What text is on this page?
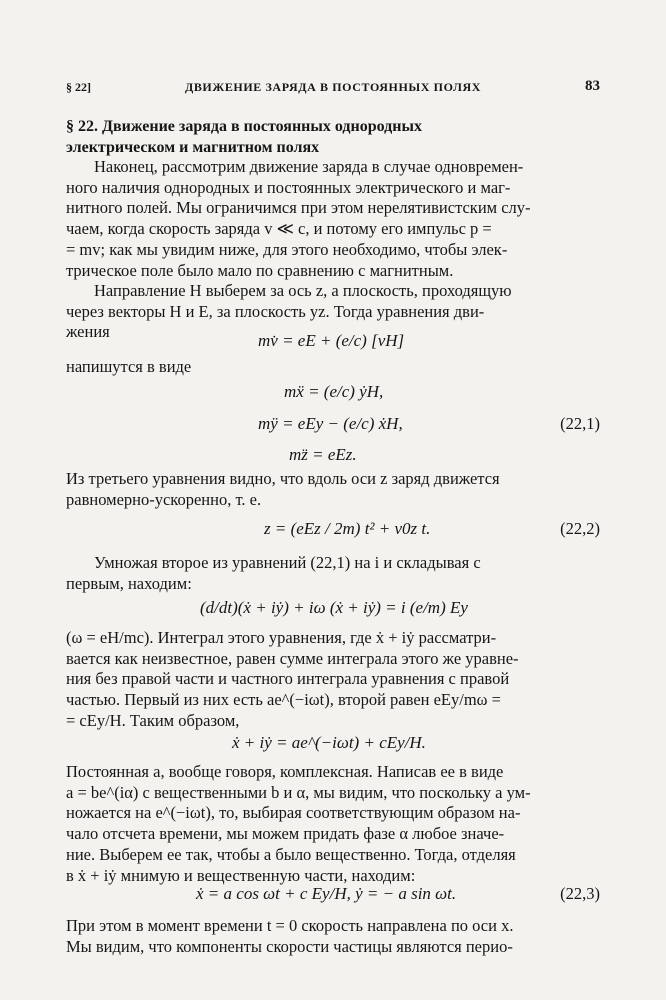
§ 22]	ДВИЖЕНИЕ ЗАРЯДА В ПОСТОЯННЫХ ПОЛЯХ	83
§ 22. Движение заряда в постоянных однородных
электрическом и магнитном полях
Наконец, рассмотрим движение заряда в случае одновремен-
ного наличия однородных и постоянных электрического и маг-
нитного полей. Мы ограничимся при этом нерелятивистским слу-
чаем, когда скорость заряда v ≪ c, и потому его импульс p =
= mv; как мы увидим ниже, для этого необходимо, чтобы элек-
трическое поле было мало по сравнению с магнитным.
Направление H выберем за ось z, а плоскость, проходящую
через векторы H и E, за плоскость yz. Тогда уравнения дви-
жения	mv̇ = eE + (e/c) [vH]
напишутся в виде
mẍ = (e/c) ẏH,
mÿ = eEy − (e/c) ẋH,
mz̈ = eEz.
(22,1)
Из третьего уравнения видно, что вдоль оси z заряд движется
равномерно-ускоренно, т. е.
z = (eEz / 2m) t² + v0z t.	(22,2)
Умножая второе из уравнений (22,1) на i и складывая с
первым, находим:
(d/dt)(ẋ + iẏ) + iω (ẋ + iẏ) = i (e/m) Ey
(ω = eH/mc). Интеграл этого уравнения, где ẋ + iẏ рассматри-
вается как неизвестное, равен сумме интеграла этого же уравне-
ния без правой части и частного интеграла уравнения с правой
частью. Первый из них есть ae^(−iωt), второй равен eEy/mω =
= cEy/H. Таким образом,
ẋ + iẏ = ae^(−iωt) + cEy/H.
Постоянная a, вообще говоря, комплексная. Написав ее в виде
a = be^(iα) с вещественными b и α, мы видим, что поскольку a ум-
ножается на e^(−iωt), то, выбирая соответствующим образом на-
чало отсчета времени, мы можем придать фазе α любое значе-
ние. Выберем ее так, чтобы a было вещественно. Тогда, отделяя
в ẋ + iẏ мнимую и вещественную части, находим:
ẋ = a cos ωt + c Ey/H, ẏ = − a sin ωt.	(22,3)
При этом в момент времени t = 0 скорость направлена по оси x.
Мы видим, что компоненты скорости частицы являются перио-
